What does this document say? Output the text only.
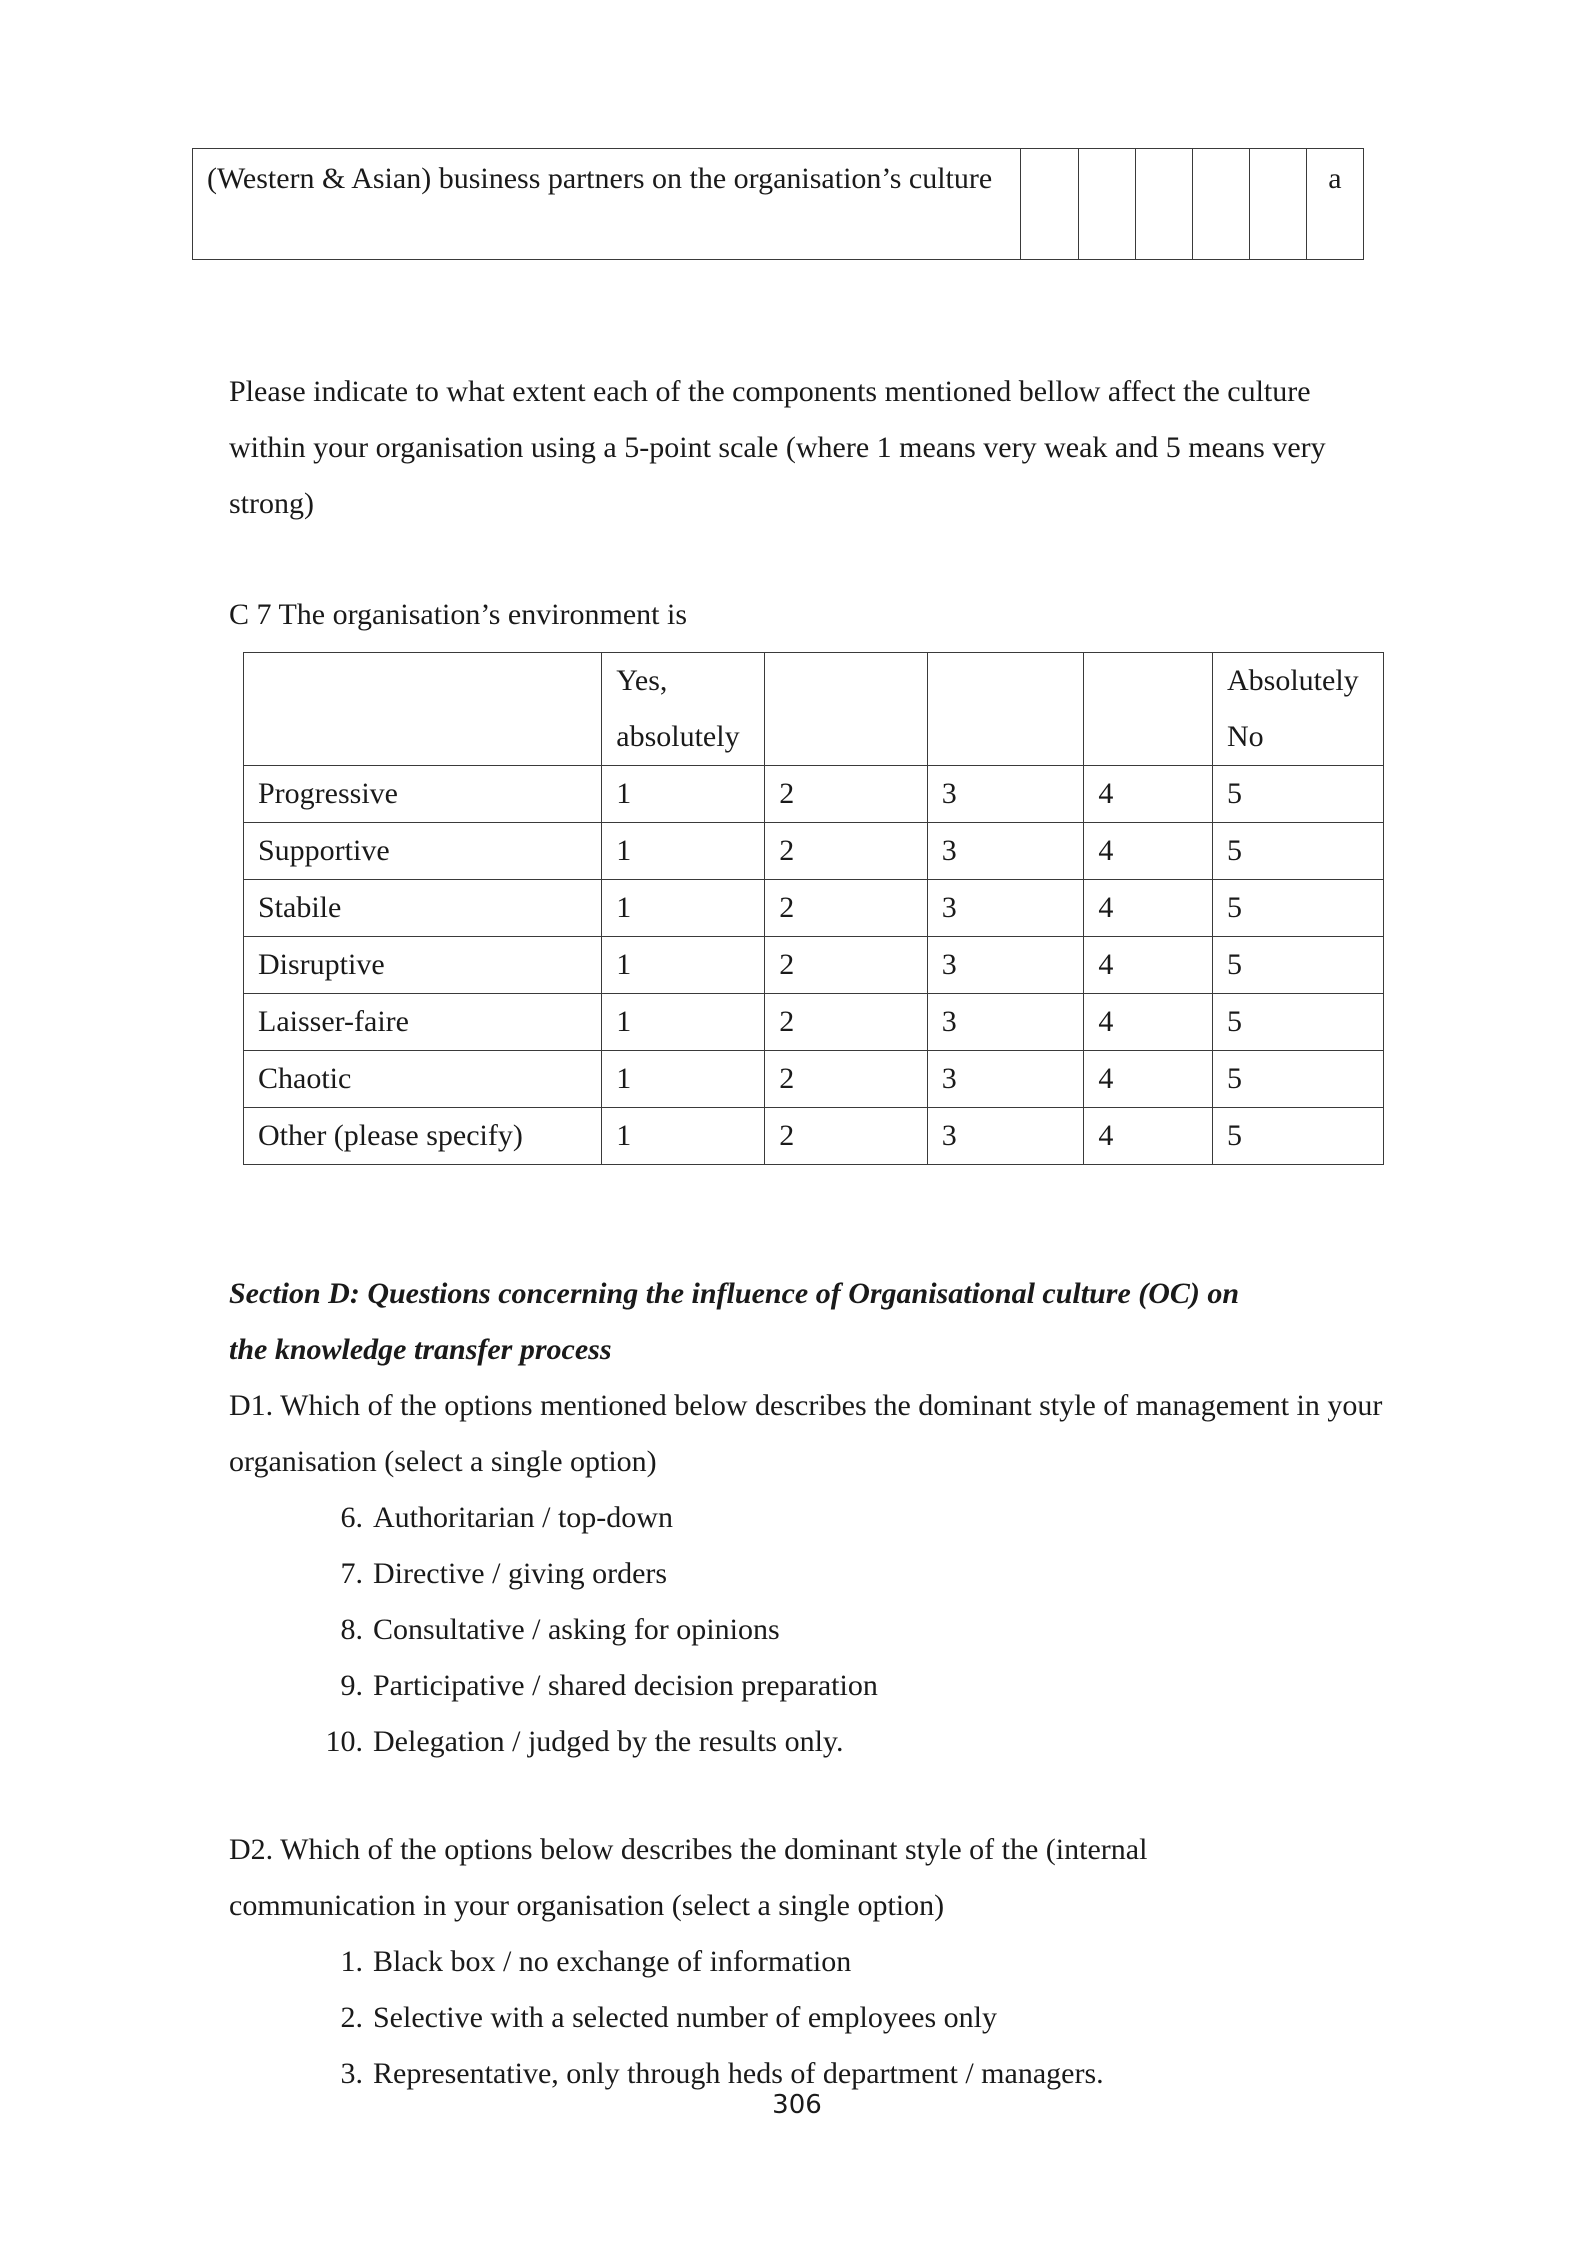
(Western & Asian) business partners on the organisation’s culture						a
Please indicate to what extent each of the components mentioned bellow affect the culture within your organisation using a 5-point scale (where 1 means very weak and 5 means very strong)
C 7 The organisation’s environment is
	Yes, absolutely				Absolutely No
Progressive	1	2	3	4	5
Supportive	1	2	3	4	5
Stabile	1	2	3	4	5
Disruptive	1	2	3	4	5
Laisser-faire	1	2	3	4	5
Chaotic	1	2	3	4	5
Other (please specify)	1	2	3	4	5
Section D: Questions concerning the influence of Organisational culture (OC) on
the knowledge transfer process
D1. Which of the options mentioned below describes the dominant style of management in your organisation (select a single option)
6. Authoritarian / top-down
7. Directive / giving orders
8. Consultative / asking for opinions
9. Participative / shared decision preparation
10. Delegation / judged by the results only.
D2. Which of the options below describes the dominant style of the (internal communication in your organisation (select a single option)
1. Black box / no exchange of information
2. Selective with a selected number of employees only
3. Representative, only through heds of department / managers.
306
